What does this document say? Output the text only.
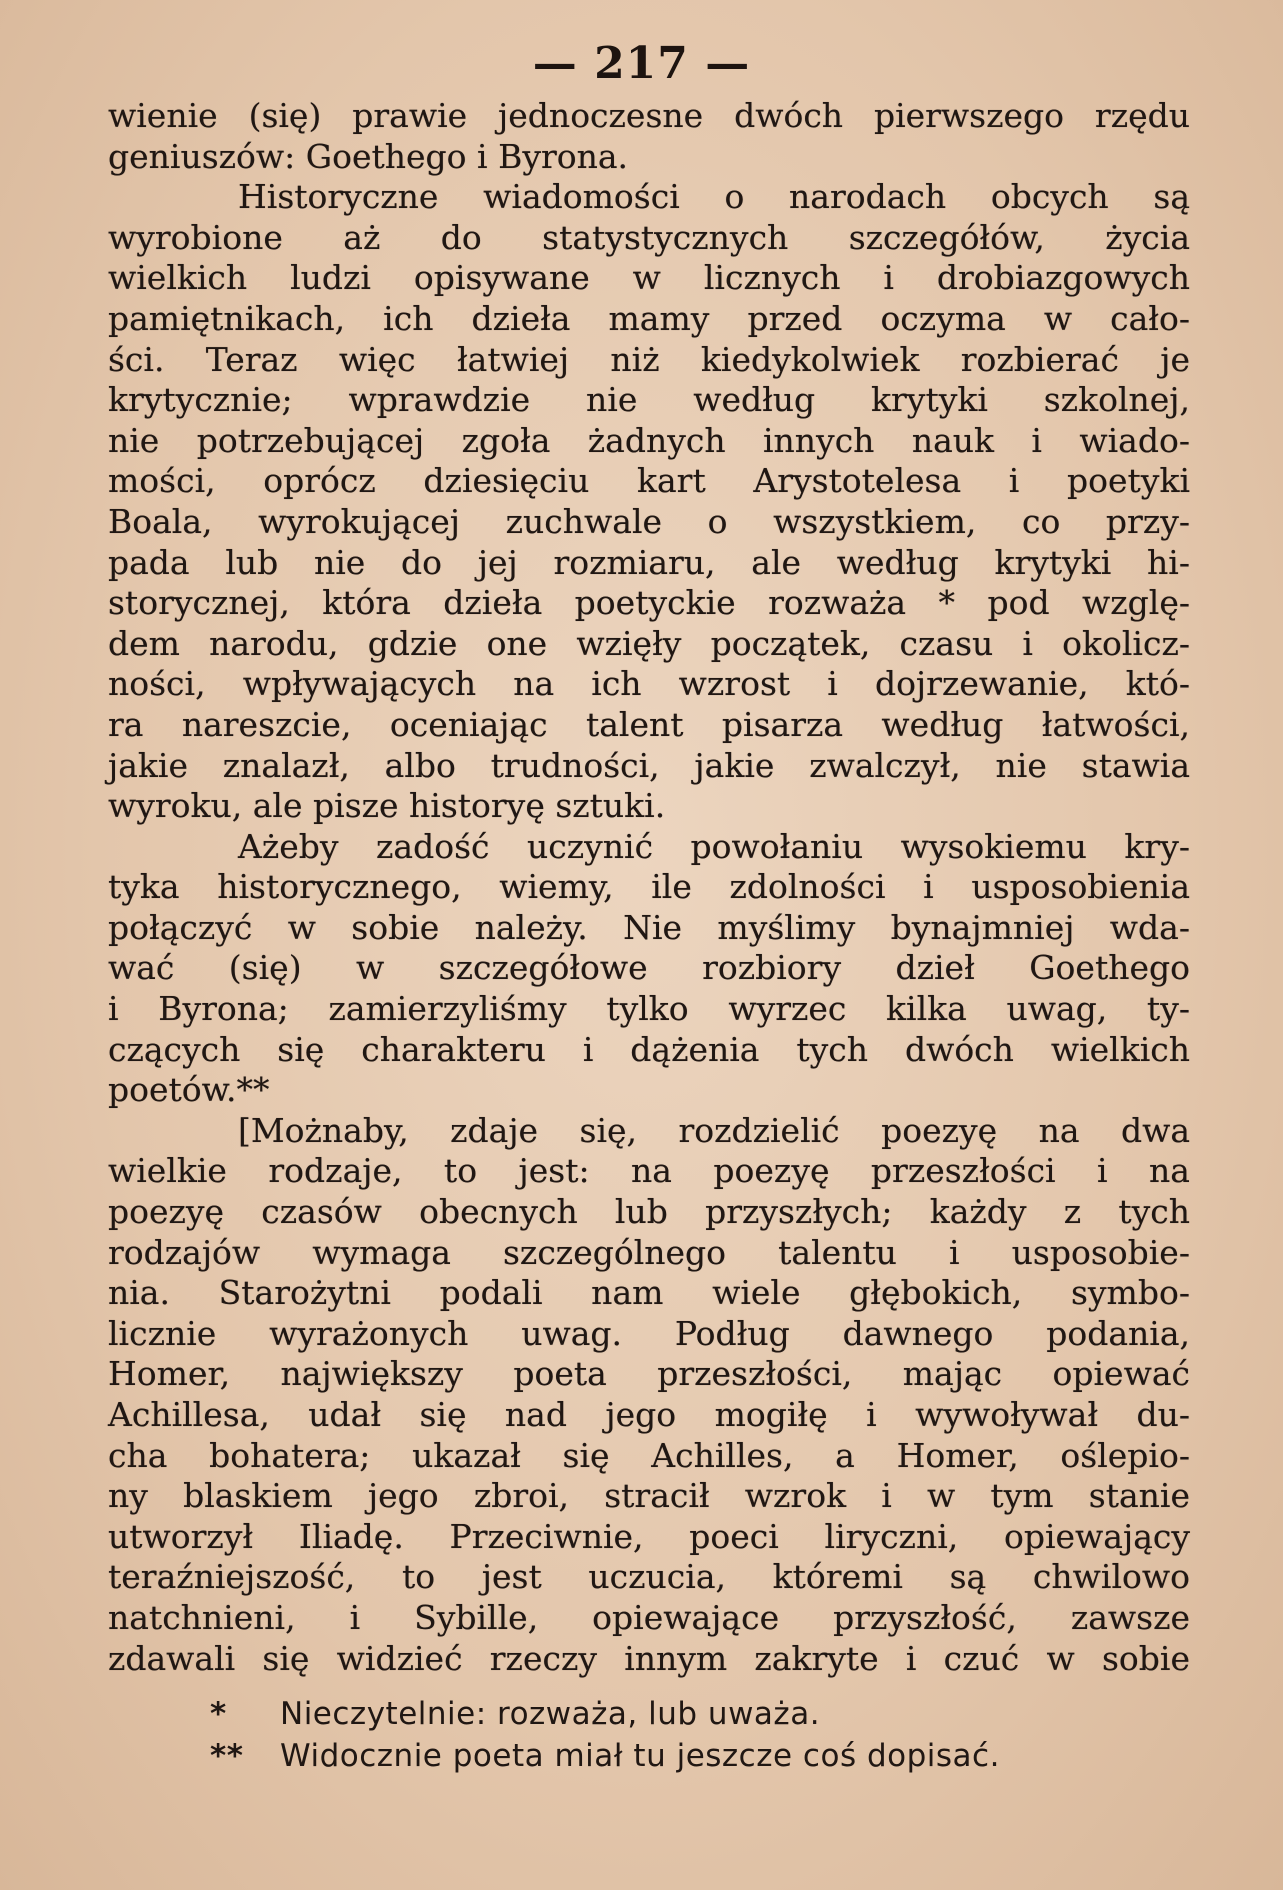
— 217 —
wienie (się) prawie jednoczesne dwóch pierwszego rzędu
geniuszów: Goethego i Byrona.
Historyczne wiadomości o narodach obcych są
wyrobione aż do statystycznych szczegółów, życia
wielkich ludzi opisywane w licznych i drobiazgowych
pamiętnikach, ich dzieła mamy przed oczyma w cało-
ści. Teraz więc łatwiej niż kiedykolwiek rozbierać je
krytycznie; wprawdzie nie według krytyki szkolnej,
nie potrzebującej zgoła żadnych innych nauk i wiado-
mości, oprócz dziesięciu kart Arystotelesa i poetyki
Boala, wyrokującej zuchwale o wszystkiem, co przy-
pada lub nie do jej rozmiaru, ale według krytyki hi-
storycznej, która dzieła poetyckie rozważa * pod wzglę-
dem narodu, gdzie one wzięły początek, czasu i okolicz-
ności, wpływających na ich wzrost i dojrzewanie, któ-
ra nareszcie, oceniając talent pisarza według łatwości,
jakie znalazł, albo trudności, jakie zwalczył, nie stawia
wyroku, ale pisze historyę sztuki.
Ażeby zadość uczynić powołaniu wysokiemu kry-
tyka historycznego, wiemy, ile zdolności i usposobienia
połączyć w sobie należy. Nie myślimy bynajmniej wda-
wać (się) w szczegółowe rozbiory dzieł Goethego
i Byrona; zamierzyliśmy tylko wyrzec kilka uwag, ty-
czących się charakteru i dążenia tych dwóch wielkich
poetów.**
[Możnaby, zdaje się, rozdzielić poezyę na dwa
wielkie rodzaje, to jest: na poezyę przeszłości i na
poezyę czasów obecnych lub przyszłych; każdy z tych
rodzajów wymaga szczególnego talentu i usposobie-
nia. Starożytni podali nam wiele głębokich, symbo-
licznie wyrażonych uwag. Podług dawnego podania,
Homer, największy poeta przeszłości, mając opiewać
Achillesa, udał się nad jego mogiłę i wywoływał du-
cha bohatera; ukazał się Achilles, a Homer, oślepio-
ny blaskiem jego zbroi, stracił wzrok i w tym stanie
utworzył Iliadę. Przeciwnie, poeci liryczni, opiewający
teraźniejszość, to jest uczucia, któremi są chwilowo
natchnieni, i Sybille, opiewające przyszłość, zawsze
zdawali się widzieć rzeczy innym zakryte i czuć w sobie
* Nieczytelnie: rozważa, lub uważa.
** Widocznie poeta miał tu jeszcze coś dopisać.
